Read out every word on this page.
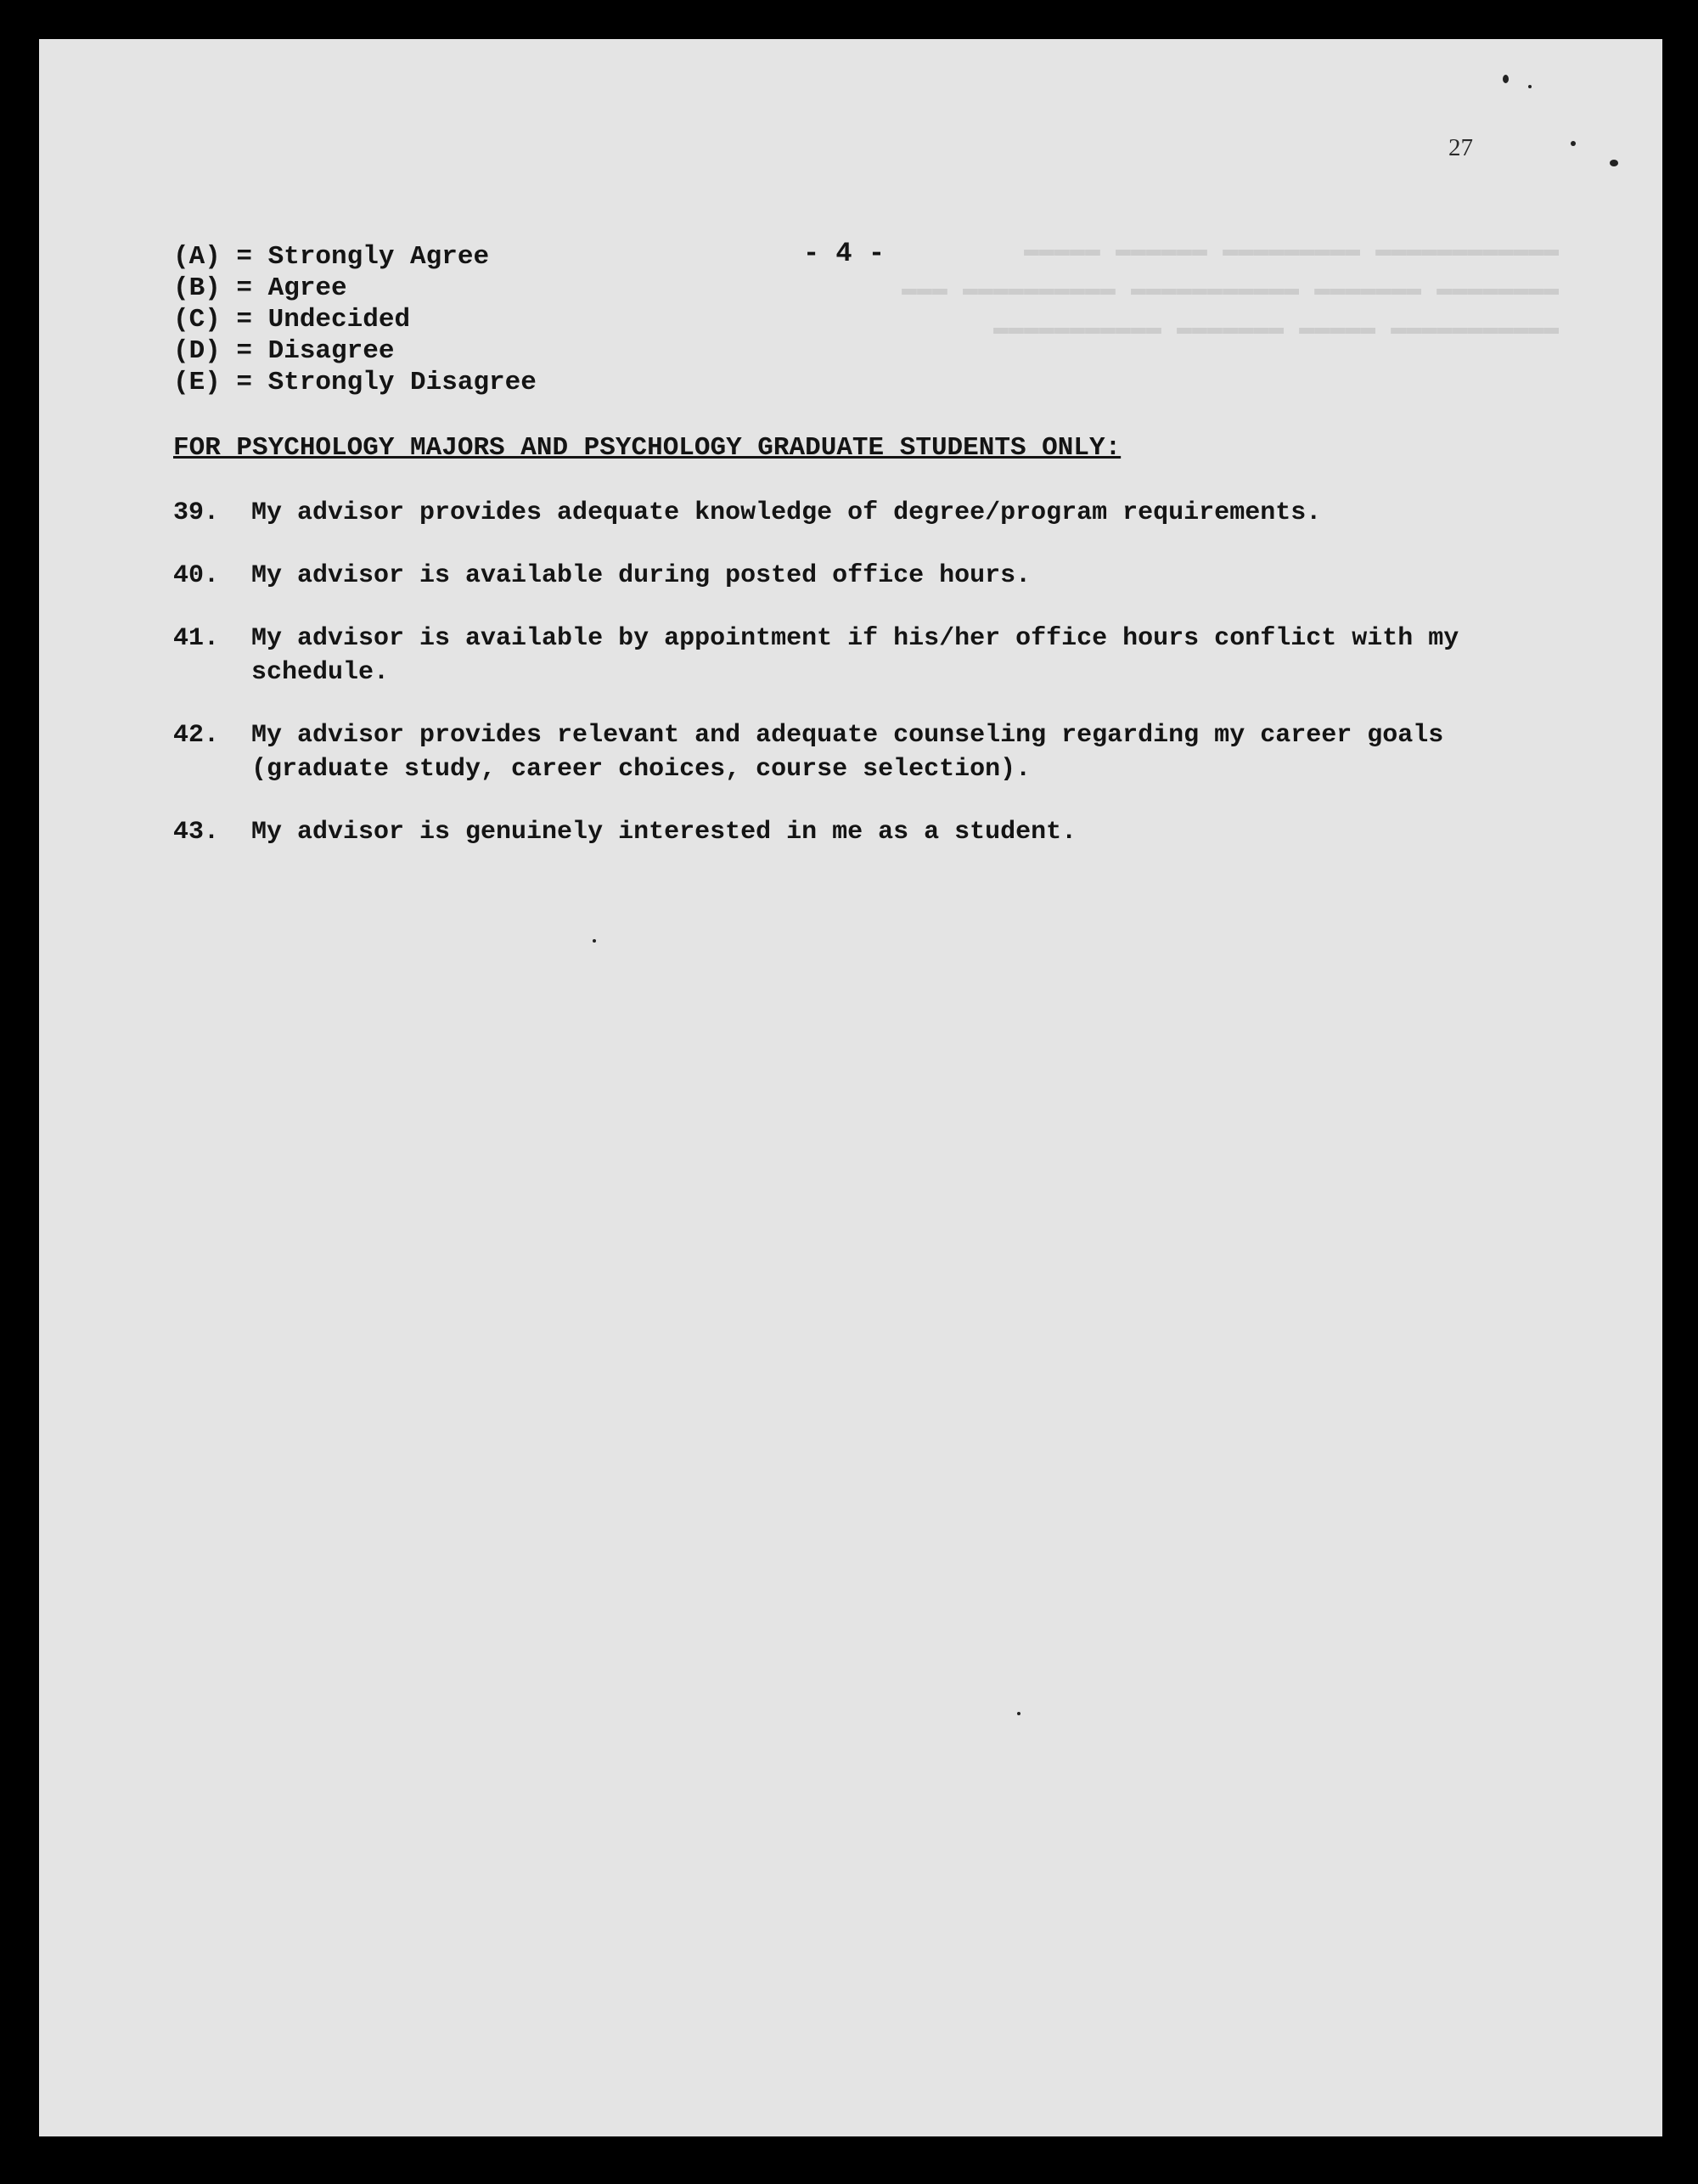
▬▬▬▬▬▬▬▬▬▬▬▬ ▬▬▬▬▬▬▬▬▬ ▬▬▬▬▬▬ ▬▬▬▬▬
▬▬▬▬▬▬▬▬ ▬▬▬▬▬▬▬ ▬▬▬▬▬▬▬▬▬▬▬ ▬▬▬▬▬▬▬▬▬▬ ▬▬▬
▬▬▬▬▬▬▬▬▬▬▬ ▬▬▬▬▬ ▬▬▬▬▬▬▬ ▬▬▬▬▬▬▬▬▬▬▬
27
- 4 -
(A) = Strongly Agree
(B) = Agree
(C) = Undecided
(D) = Disagree
(E) = Strongly Disagree
FOR PSYCHOLOGY MAJORS AND PSYCHOLOGY GRADUATE STUDENTS ONLY:
39.	My advisor provides adequate knowledge of degree/program requirements.
40.	My advisor is available during posted office hours.
41.	My advisor is available by appointment if his/her office hours conflict with my schedule.
42.	My advisor provides relevant and adequate counseling regarding my career goals (graduate study, career choices, course selection).
43.	My advisor is genuinely interested in me as a student.
